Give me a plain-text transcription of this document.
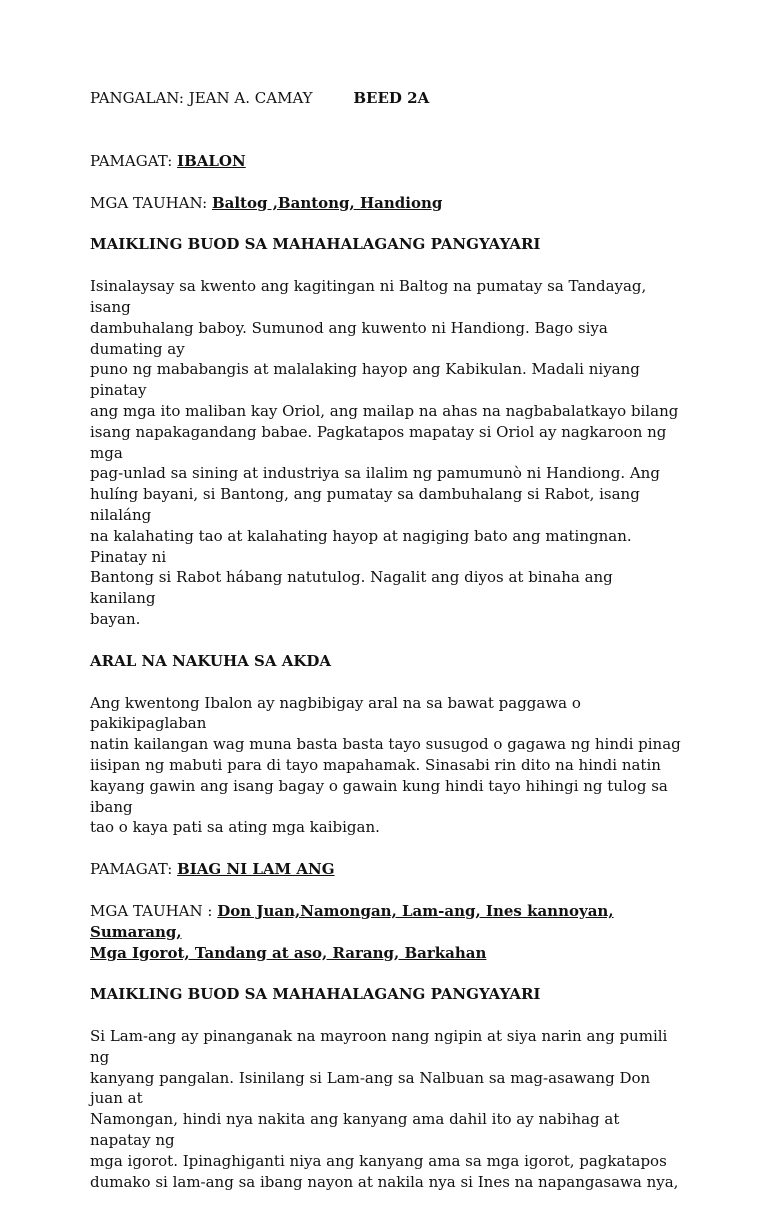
PANGALAN: JEAN A. CAMAY	BEED 2A
PAMAGAT: IBALON
MGA TAUHAN: Baltog ,Bantong, Handiong
MAIKLING BUOD SA MAHAHALAGANG PANGYAYARI
Isinalaysay sa kwento ang kagitingan ni Baltog na pumatay sa Tandayag, isang
dambuhalang baboy. Sumunod ang kuwento ni Handiong. Bago siya dumating ay
puno ng mababangis at malalaking hayop ang Kabikulan. Madali niyang pinatay
ang mga ito maliban kay Oriol, ang mailap na ahas na nagbabalatkayo bilang
isang napakagandang babae. Pagkatapos mapatay si Oriol ay nagkaroon ng mga
pag-unlad sa sining at industriya sa ilalim ng pamumunò ni Handiong. Ang
hulíng bayani, si Bantong, ang pumatay sa dambuhalang si Rabot, isang nilaláng
na kalahating tao at kalahating hayop at nagiging bato ang matingnan. Pinatay ni
Bantong si Rabot hábang natutulog. Nagalit ang diyos at binaha ang kanilang
bayan.
ARAL NA NAKUHA SA AKDA
Ang kwentong Ibalon ay nagbibigay aral na sa bawat paggawa o pakikipaglaban
natin kailangan wag muna basta basta tayo susugod o gagawa ng hindi pinag
iisipan ng mabuti para di tayo mapahamak. Sinasabi rin dito na hindi natin
kayang gawin ang isang bagay o gawain kung hindi tayo hihingi ng tulog sa ibang
tao o kaya pati sa ating mga kaibigan.
PAMAGAT: BIAG NI LAM ANG
MGA TAUHAN : Don Juan,Namongan, Lam-ang, Ines kannoyan, Sumarang,
Mga Igorot, Tandang at aso, Rarang, Barkahan
MAIKLING BUOD SA MAHAHALAGANG PANGYAYARI
Si Lam-ang ay pinanganak na mayroon nang ngipin at siya narin ang pumili ng
kanyang pangalan. Isinilang si Lam-ang sa Nalbuan sa mag-asawang Don juan at
Namongan, hindi nya nakita ang kanyang ama dahil ito ay nabihag at napatay ng
mga igorot. Ipinaghiganti niya ang kanyang ama sa mga igorot, pagkatapos
dumako si lam-ang sa ibang nayon at nakila nya si Ines na napangasawa nya,
